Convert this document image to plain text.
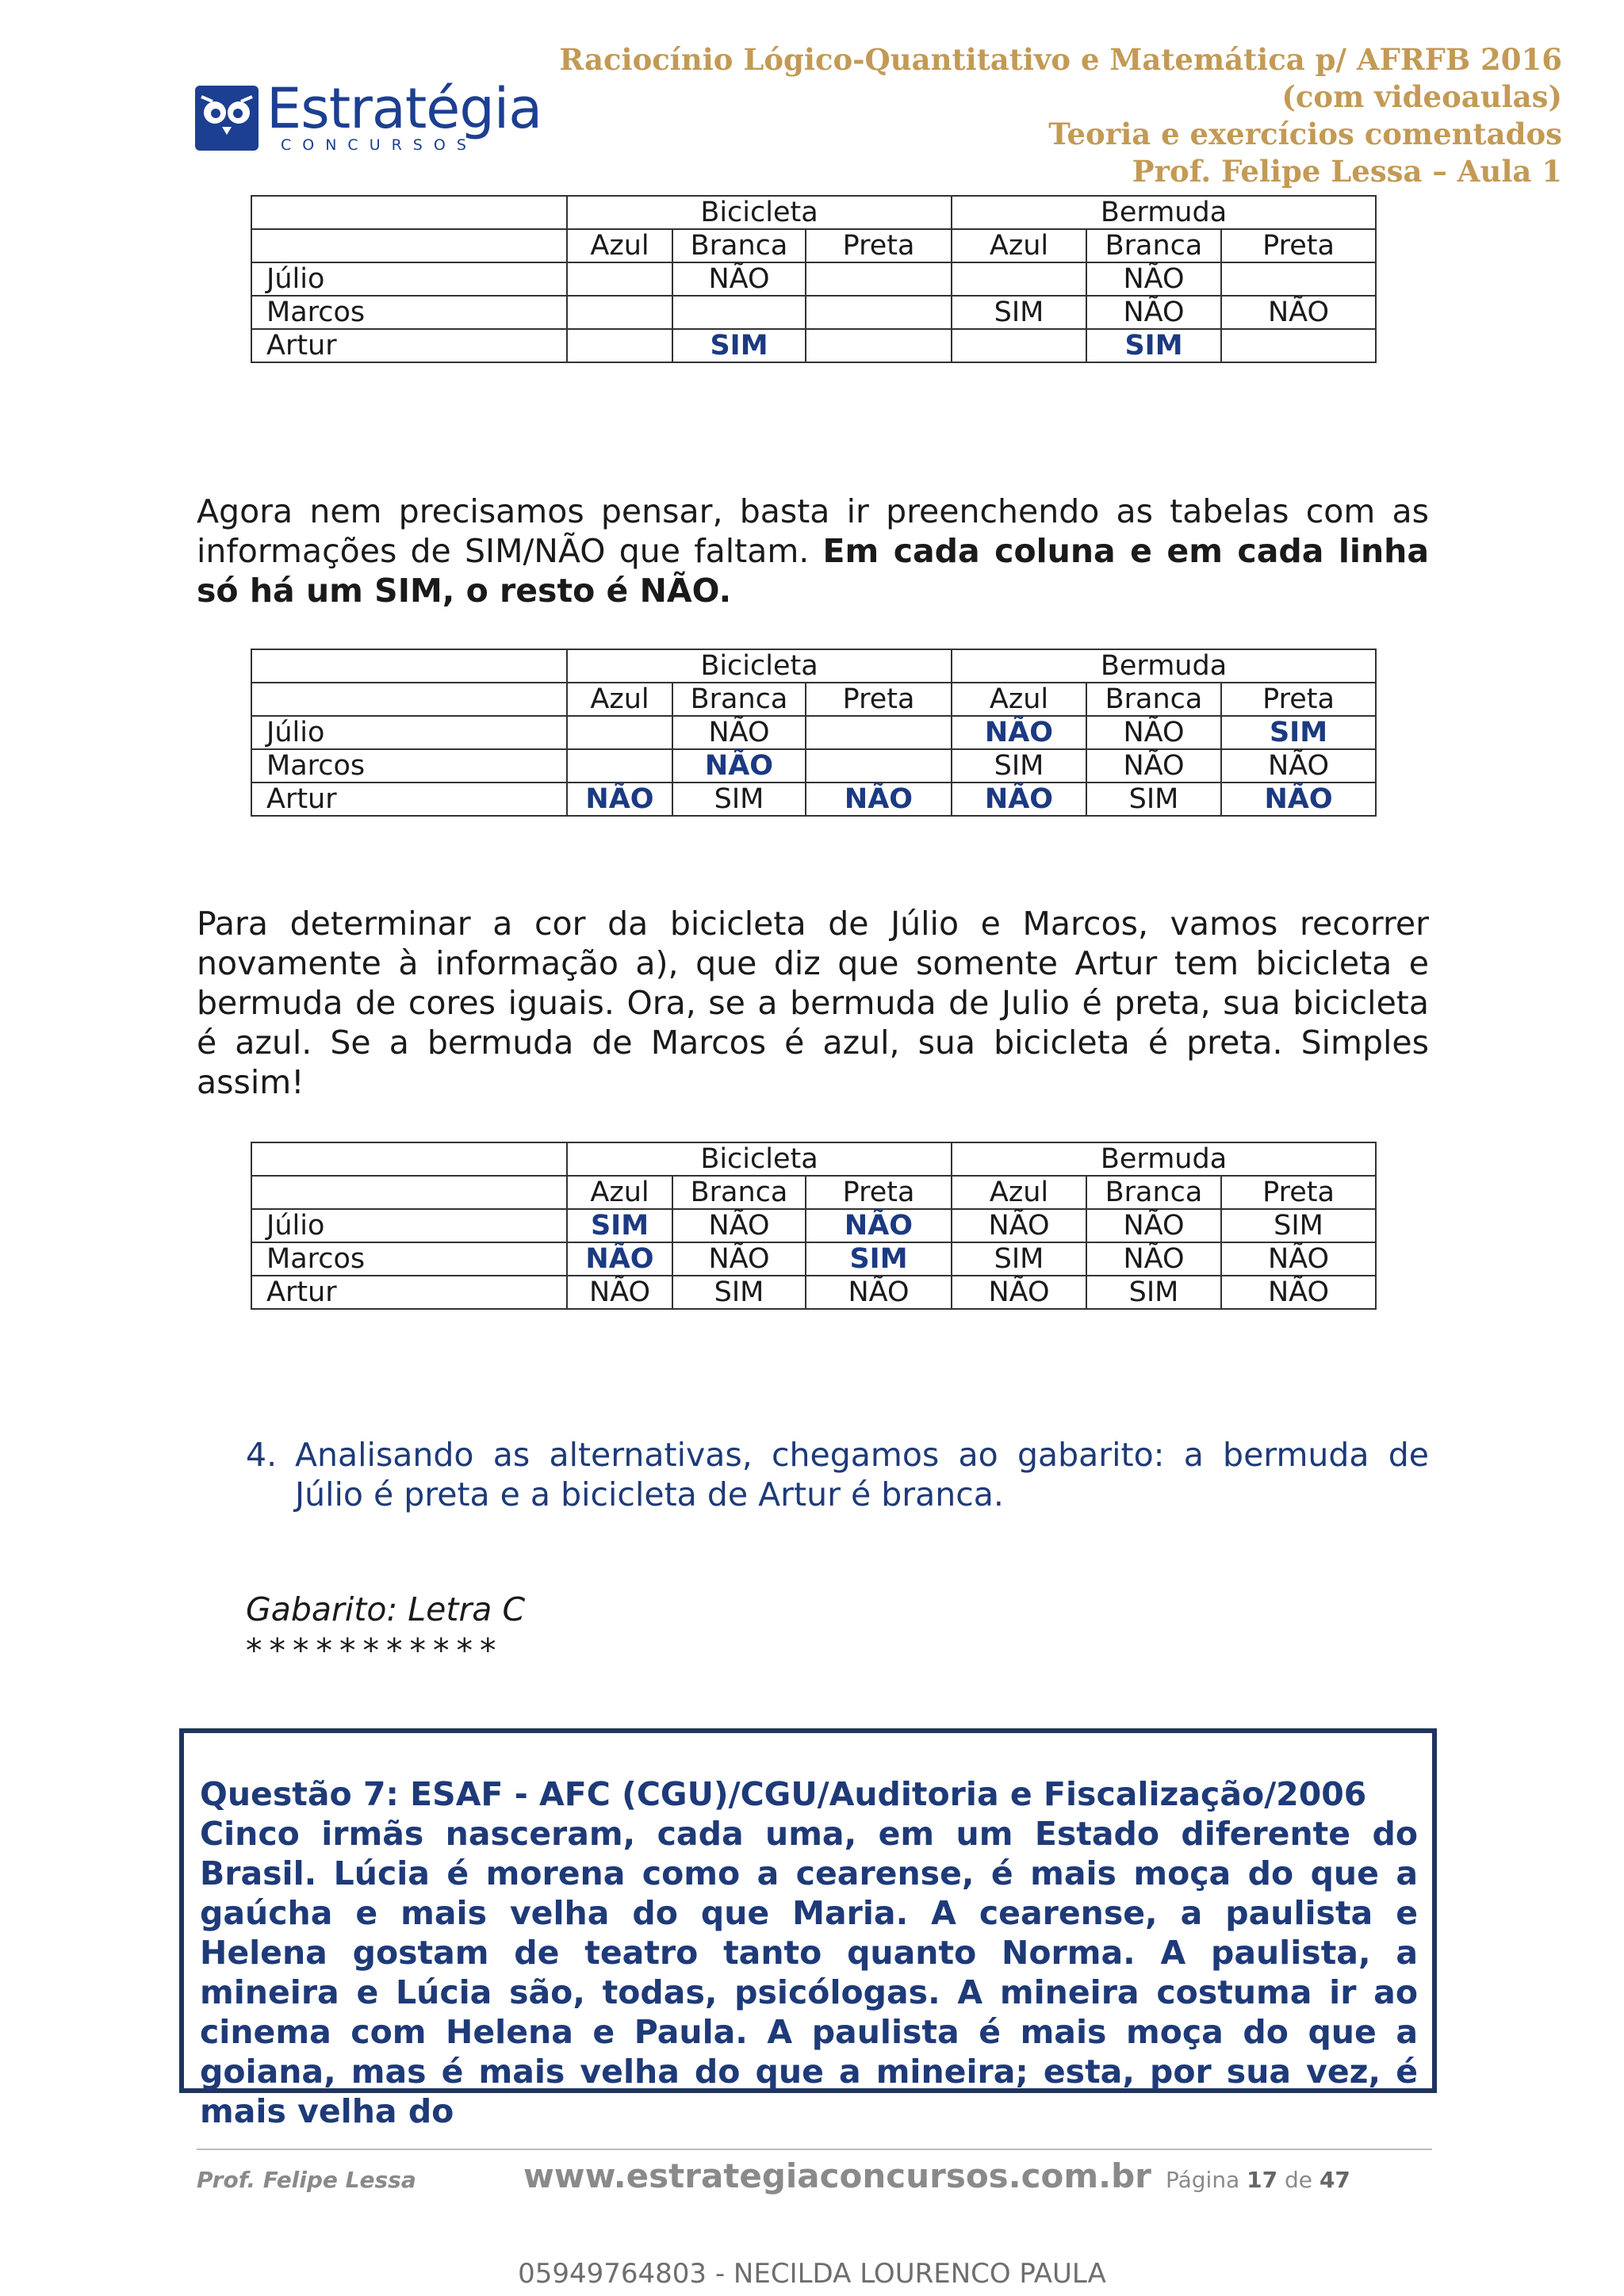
Estratégia
CONCURSOS
Raciocínio Lógico-Quantitativo e Matemática p/ AFRFB 2016
(com videoaulas)
Teoria e exercícios comentados
Prof. Felipe Lessa – Aula 1
	Bicicleta			Bermuda		
	Azul	Branca	Preta	Azul	Branca	Preta
Júlio		NÃO			NÃO	
Marcos				SIM	NÃO	NÃO
Artur		SIM			SIM	
Agora nem precisamos pensar, basta ir preenchendo as tabelas com as informações de SIM/NÃO que faltam. Em cada coluna e em cada linha só há um SIM, o resto é NÃO.
	Bicicleta			Bermuda		
	Azul	Branca	Preta	Azul	Branca	Preta
Júlio		NÃO		NÃO	NÃO	SIM
Marcos		NÃO		SIM	NÃO	NÃO
Artur	NÃO	SIM	NÃO	NÃO	SIM	NÃO
Para determinar a cor da bicicleta de Júlio e Marcos, vamos recorrer novamente à informação a), que diz que somente Artur tem bicicleta e bermuda de cores iguais. Ora, se a bermuda de Julio é preta, sua bicicleta é azul. Se a bermuda de Marcos é azul, sua bicicleta é preta. Simples assim!
	Bicicleta			Bermuda		
	Azul	Branca	Preta	Azul	Branca	Preta
Júlio	SIM	NÃO	NÃO	NÃO	NÃO	SIM
Marcos	NÃO	NÃO	SIM	SIM	NÃO	NÃO
Artur	NÃO	SIM	NÃO	NÃO	SIM	NÃO
4. Analisando as alternativas, chegamos ao gabarito: a bermuda de Júlio é preta e a bicicleta de Artur é branca.
Gabarito: Letra C
***********
Questão 7: ESAF - AFC (CGU)/CGU/Auditoria e Fiscalização/2006
Cinco irmãs nasceram, cada uma, em um Estado diferente do Brasil. Lúcia é morena como a cearense, é mais moça do que a gaúcha e mais velha do que Maria. A cearense, a paulista e Helena gostam de teatro tanto quanto Norma. A paulista, a mineira e Lúcia são, todas, psicólogas. A mineira costuma ir ao cinema com Helena e Paula. A paulista é mais moça do que a goiana, mas é mais velha do que a mineira; esta, por sua vez, é mais velha do
Prof. Felipe Lessa	www.estrategiaconcursos.com.br Página 17 de 47
05949764803 - NECILDA LOURENCO PAULA
